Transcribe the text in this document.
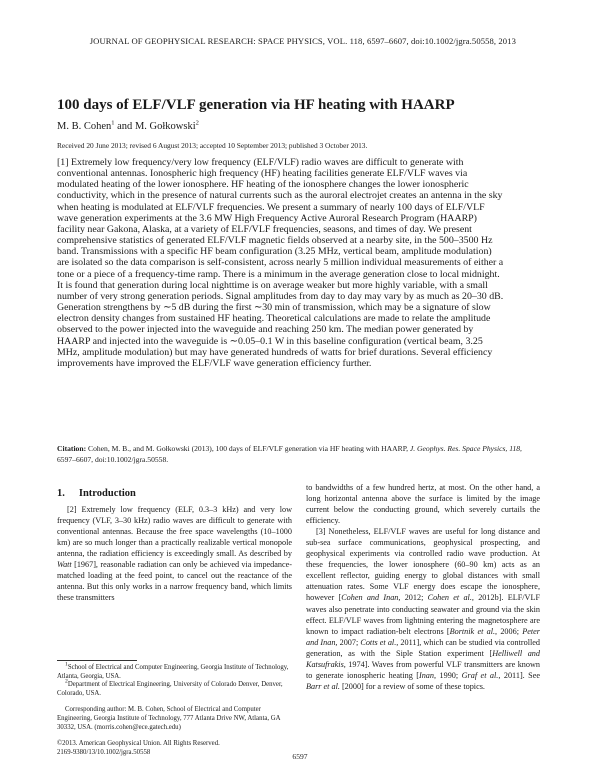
JOURNAL OF GEOPHYSICAL RESEARCH: SPACE PHYSICS, VOL. 118, 6597–6607, doi:10.1002/jgra.50558, 2013
100 days of ELF/VLF generation via HF heating with HAARP
M. B. Cohen$^1$ and M. Gołkowski$^2$
Received 20 June 2013; revised 6 August 2013; accepted 10 September 2013; published 3 October 2013.
[1] Extremely low frequency/very low frequency (ELF/VLF) radio waves are difficult to generate with conventional antennas. Ionospheric high frequency (HF) heating facilities generate ELF/VLF waves via modulated heating of the lower ionosphere. HF heating of the ionosphere changes the lower ionospheric conductivity, which in the presence of natural currents such as the auroral electrojet creates an antenna in the sky when heating is modulated at ELF/VLF frequencies. We present a summary of nearly 100 days of ELF/VLF wave generation experiments at the 3.6 MW High Frequency Active Auroral Research Program (HAARP) facility near Gakona, Alaska, at a variety of ELF/VLF frequencies, seasons, and times of day. We present comprehensive statistics of generated ELF/VLF magnetic fields observed at a nearby site, in the 500–3500 Hz band. Transmissions with a specific HF beam configuration (3.25 MHz, vertical beam, amplitude modulation) are isolated so the data comparison is self-consistent, across nearly 5 million individual measurements of either a tone or a piece of a frequency-time ramp. There is a minimum in the average generation close to local midnight. It is found that generation during local nighttime is on average weaker but more highly variable, with a small number of very strong generation periods. Signal amplitudes from day to day may vary by as much as 20–30 dB. Generation strengthens by ∼5 dB during the first ∼30 min of transmission, which may be a signature of slow electron density changes from sustained HF heating. Theoretical calculations are made to relate the amplitude observed to the power injected into the waveguide and reaching 250 km. The median power generated by HAARP and injected into the waveguide is ∼0.05–0.1 W in this baseline configuration (vertical beam, 3.25 MHz, amplitude modulation) but may have generated hundreds of watts for brief durations. Several efficiency improvements have improved the ELF/VLF wave generation efficiency further.
Citation: Cohen, M. B., and M. Gołkowski (2013), 100 days of ELF/VLF generation via HF heating with HAARP, J. Geophys. Res. Space Physics, 118, 6597–6607, doi:10.1002/jgra.50558.
1. Introduction

[2] Extremely low frequency (ELF, 0.3–3 kHz) and very low frequency (VLF, 3–30 kHz) radio waves are difficult to generate with conventional antennas. Because the free space wavelengths (10–1000 km) are so much longer than a practically realizable vertical monopole antenna, the radiation efficiency is exceedingly small. As described by Watt [1967], reasonable radiation can only be achieved via impedance-matched loading at the feed point, to cancel out the reactance of the antenna. But this only works in a narrow frequency band, which limits these transmitters

to bandwidths of a few hundred hertz, at most. On the other hand, a long horizontal antenna above the surface is limited by the image current below the conducting ground, which severely curtails the efficiency.

[3] Nonetheless, ELF/VLF waves are useful for long distance and sub-sea surface communications, geophysical prospecting, and geophysical experiments via controlled radio wave production. At these frequencies, the lower ionosphere (60–90 km) acts as an excellent reflector, guiding energy to global distances with small attenuation rates. Some VLF energy does escape the ionosphere, however [Cohen and Inan, 2012; Cohen et al., 2012b]. ELF/VLF waves also penetrate into conducting seawater and ground via the skin effect. ELF/VLF waves from lightning entering the magnetosphere are known to impact radiation-belt electrons [Bortnik et al., 2006; Peter and Inan, 2007; Cotts et al., 2011], which can be studied via controlled generation, as with the Siple Station experiment [Helliwell and Katsufrakis, 1974]. Waves from powerful VLF transmitters are known to generate ionospheric heating [Inan, 1990; Graf et al., 2011]. See Barr et al. [2000] for a review of some of these topics.

$^1$School of Electrical and Computer Engineering, Georgia Institute of Technology, Atlanta, Georgia, USA.

$^2$Department of Electrical Engineering, University of Colorado Denver, Denver, Colorado, USA.

Corresponding author: M. B. Cohen, School of Electrical and Computer Engineering, Georgia Institute of Technology, 777 Atlanta Drive NW, Atlanta, GA 30332, USA. (morris.cohen@ece.gatech.edu)

©2013. American Geophysical Union. All Rights Reserved.

2169-9380/13/10.1002/jgra.50558	6597
